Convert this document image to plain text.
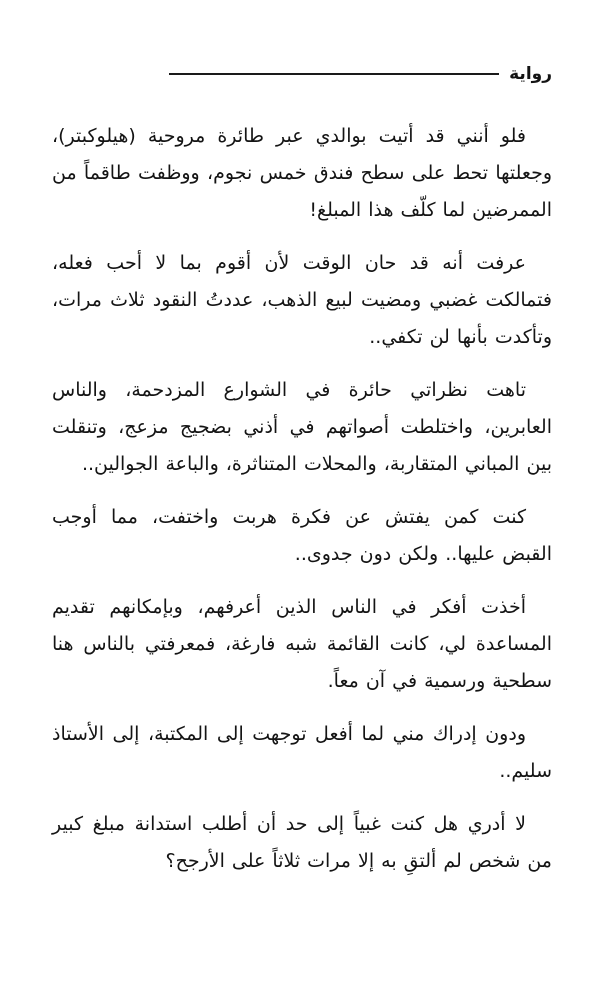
رواية

فلو أنني قد أتيت بوالدي عبر طائرة مروحية (هيلوكبتر)، وجعلتها تحط على سطح فندق خمس نجوم، ووظفت طاقماً من الممرضين لما كلّف هذا المبلغ!

عرفت أنه قد حان الوقت لأن أقوم بما لا أحب فعله، فتمالكت غضبي ومضيت لبيع الذهب، عددتُ النقود ثلاث مرات، وتأكدت بأنها لن تكفي..

تاهت نظراتي حائرة في الشوارع المزدحمة، والناس العابرين، واختلطت أصواتهم في أذني بضجيج مزعج، وتنقلت بين المباني المتقاربة، والمحلات المتناثرة، والباعة الجوالين..

كنت كمن يفتش عن فكرة هربت واختفت، مما أوجب القبض عليها.. ولكن دون جدوى..

أخذت أفكر في الناس الذين أعرفهم، وبإمكانهم تقديم المساعدة لي، كانت القائمة شبه فارغة، فمعرفتي بالناس هنا سطحية ورسمية في آن معاً.

ودون إدراك مني لما أفعل توجهت إلى المكتبة، إلى الأستاذ سليم..

لا أدري هل كنت غبياً إلى حد أن أطلب استدانة مبلغ كبير من شخص لم ألتقِ به إلا مرات ثلاثاً على الأرجح؟
